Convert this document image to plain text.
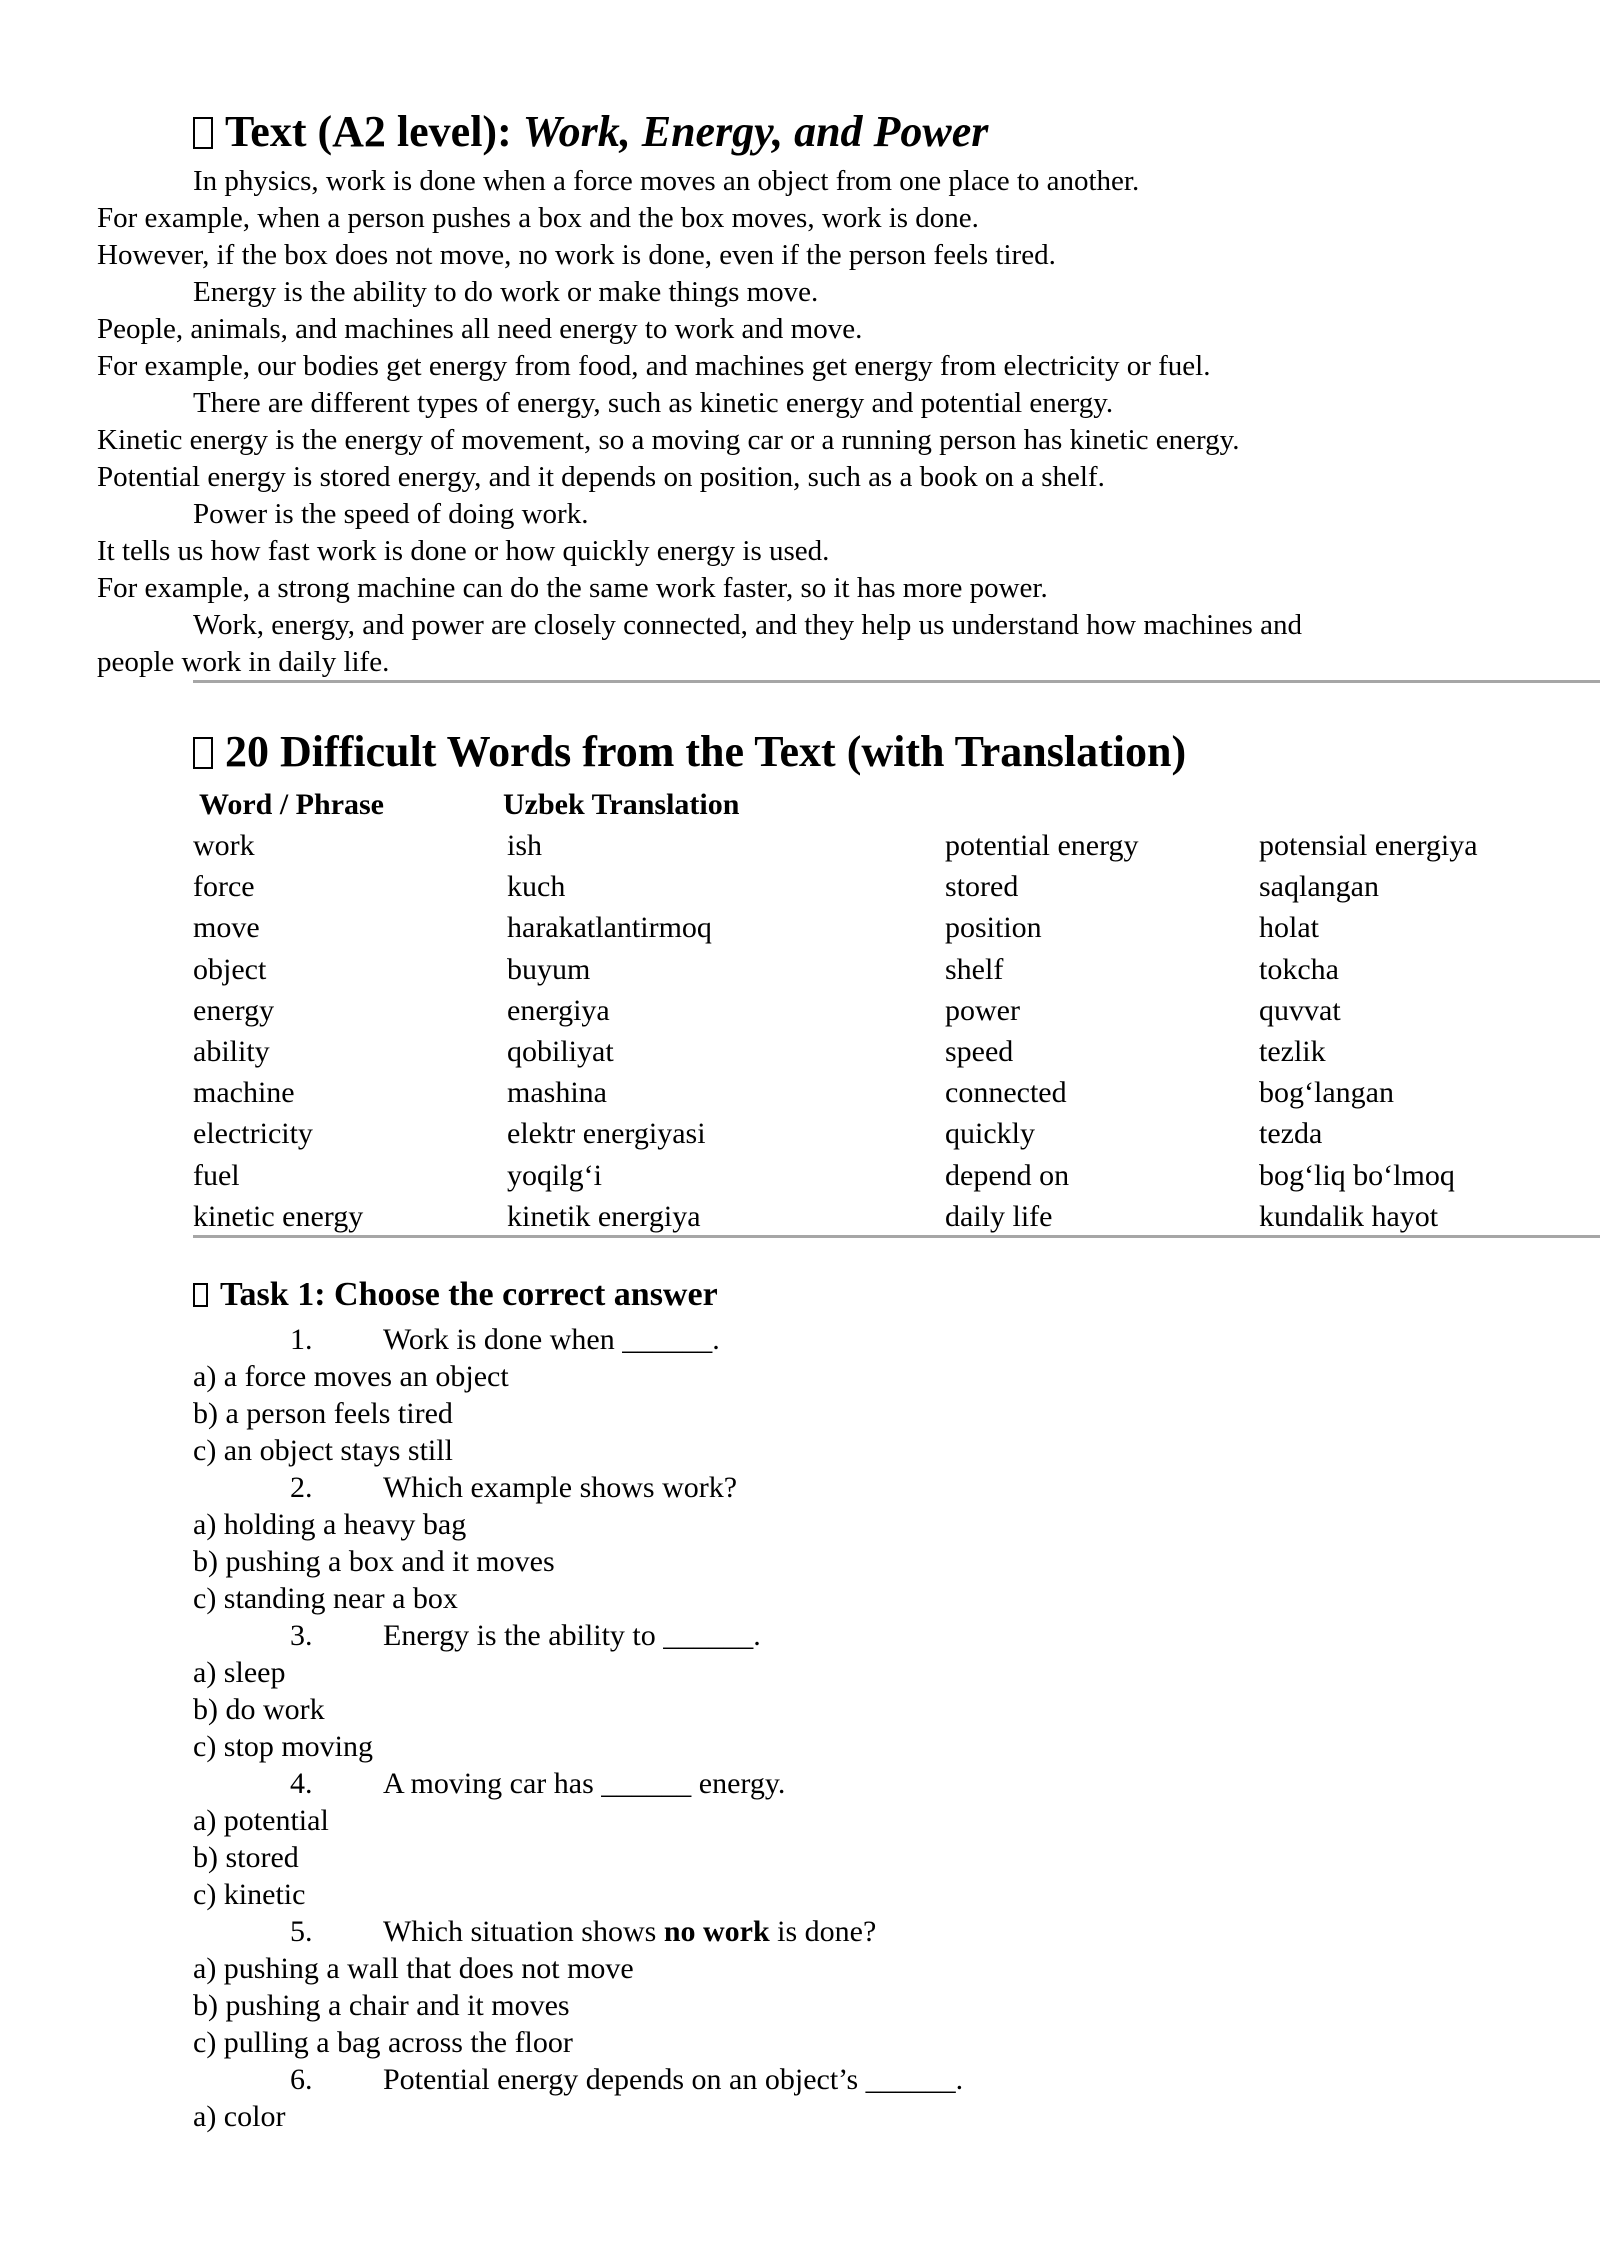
Text (A2 level): Work, Energy, and Power
In physics, work is done when a force moves an object from one place to another.
For example, when a person pushes a box and the box moves, work is done.
However, if the box does not move, no work is done, even if the person feels tired.
Energy is the ability to do work or make things move.
People, animals, and machines all need energy to work and move.
For example, our bodies get energy from food, and machines get energy from electricity or fuel.
There are different types of energy, such as kinetic energy and potential energy.
Kinetic energy is the energy of movement, so a moving car or a running person has kinetic energy.
Potential energy is stored energy, and it depends on position, such as a book on a shelf.
Power is the speed of doing work.
It tells us how fast work is done or how quickly energy is used.
For example, a strong machine can do the same work faster, so it has more power.
Work, energy, and power are closely connected, and they help us understand how machines and
people work in daily life.
20 Difficult Words from the Text (with Translation)
Word / Phrase	Uzbek Translation
work	ish	potential energy	potensial energiya
force	kuch	stored	saqlangan
move	harakatlantirmoq	position	holat
object	buyum	shelf	tokcha
energy	energiya	power	quvvat
ability	qobiliyat	speed	tezlik
machine	mashina	connected	bog‘langan
electricity	elektr energiyasi	quickly	tezda
fuel	yoqilg‘i	depend on	bog‘liq bo‘lmoq
kinetic energy	kinetik energiya	daily life	kundalik hayot
Task 1: Choose the correct answer
1. Work is done when ______.
a) a force moves an object
b) a person feels tired
c) an object stays still
2. Which example shows work?
a) holding a heavy bag
b) pushing a box and it moves
c) standing near a box
3. Energy is the ability to ______.
a) sleep
b) do work
c) stop moving
4. A moving car has ______ energy.
a) potential
b) stored
c) kinetic
5. Which situation shows no work is done?
a) pushing a wall that does not move
b) pushing a chair and it moves
c) pulling a bag across the floor
6. Potential energy depends on an object’s ______.
a) color
